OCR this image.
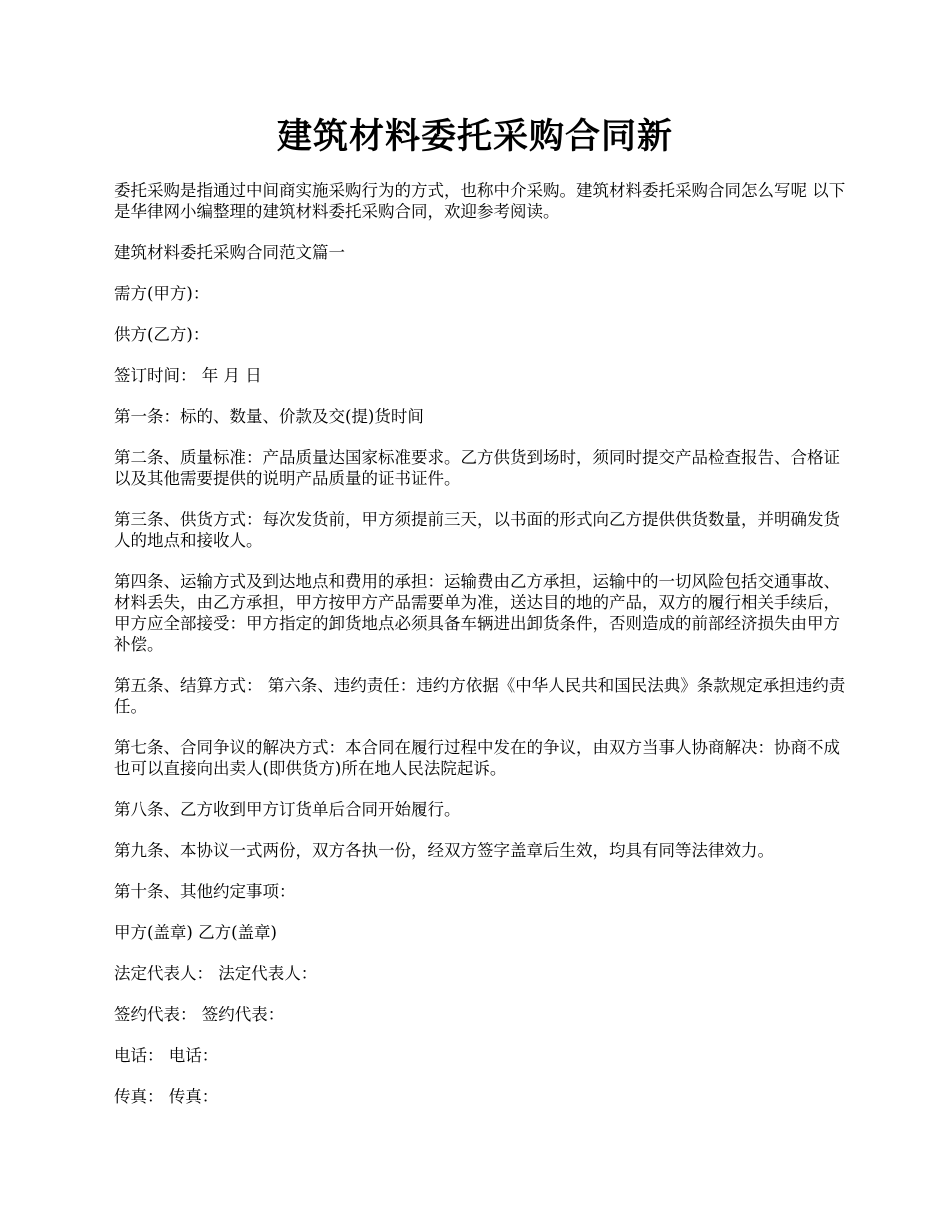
建筑材料委托采购合同新

委托采购是指通过中间商实施采购行为的方式，也称中介采购。建筑材料委托采购合同怎么写呢 以下是华律网小编整理的建筑材料委托采购合同，欢迎参考阅读。

建筑材料委托采购合同范文篇一

需方(甲方)：

供方(乙方)：

签订时间： 年 月 日

第一条：标的、数量、价款及交(提)货时间

第二条、质量标准：产品质量达国家标准要求。乙方供货到场时，须同时提交产品检查报告、合格证以及其他需要提供的说明产品质量的证书证件。

第三条、供货方式：每次发货前，甲方须提前三天，以书面的形式向乙方提供供货数量，并明确发货人的地点和接收人。

第四条、运输方式及到达地点和费用的承担：运输费由乙方承担，运输中的一切风险包括交通事故、材料丢失，由乙方承担，甲方按甲方产品需要单为准，送达目的地的产品，双方的履行相关手续后，甲方应全部接受：甲方指定的卸货地点必须具备车辆进出卸货条件，否则造成的前部经济损失由甲方补偿。

第五条、结算方式： 第六条、违约责任：违约方依据《中华人民共和国民法典》条款规定承担违约责任。

第七条、合同争议的解决方式：本合同在履行过程中发在的争议，由双方当事人协商解决：协商不成也可以直接向出卖人(即供货方)所在地人民法院起诉。

第八条、乙方收到甲方订货单后合同开始履行。

第九条、本协议一式两份，双方各执一份，经双方签字盖章后生效，均具有同等法律效力。

第十条、其他约定事项：

甲方(盖章) 乙方(盖章)

法定代表人： 法定代表人：

签约代表： 签约代表：

电话： 电话：

传真： 传真：
